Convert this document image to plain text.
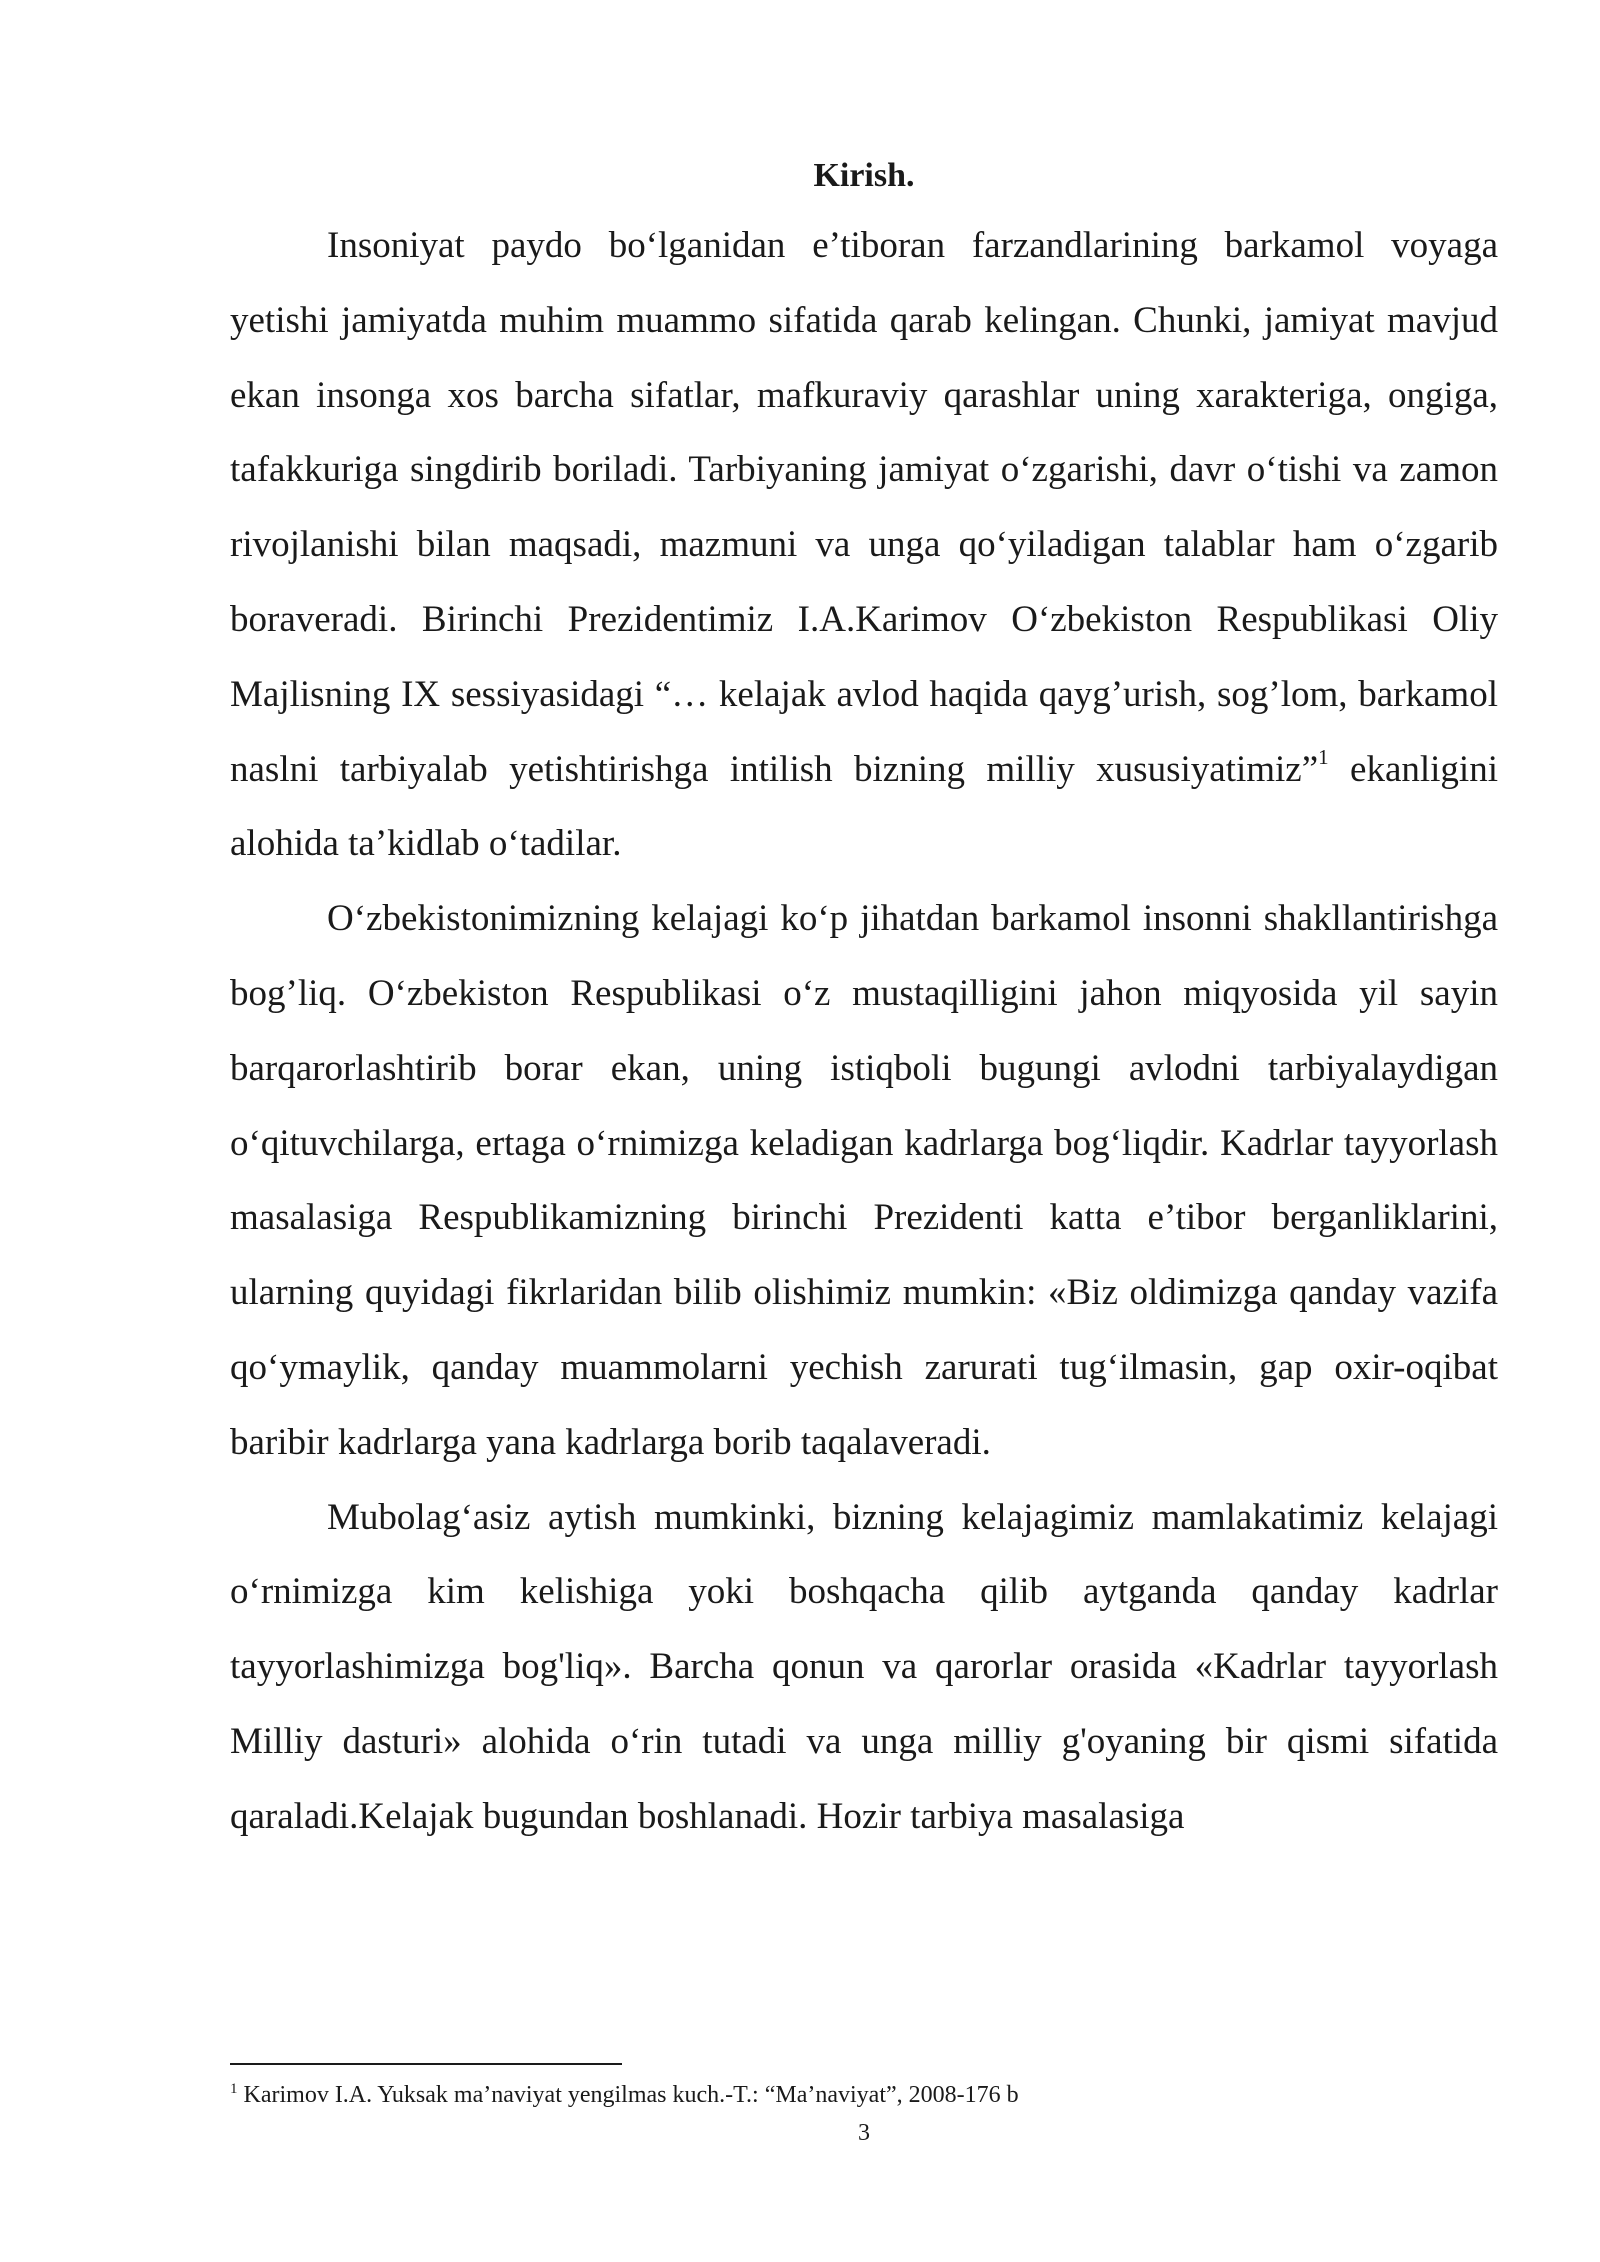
Kirish.

Insoniyat paydo bo‘lganidan e’tiboran farzandlarining barkamol voyaga yetishi jamiyatda muhim muammo sifatida qarab kelingan. Chunki, jamiyat mavjud ekan insonga xos barcha sifatlar, mafkuraviy qarashlar uning xarakteriga, ongiga, tafakkuriga singdirib boriladi. Tarbiyaning jamiyat o‘zgarishi, davr o‘tishi va zamon rivojlanishi bilan maqsadi, mazmuni va unga qo‘yiladigan talablar ham o‘zgarib boraveradi. Birinchi Prezidentimiz I.A.Karimov O‘zbekiston Respublikasi Oliy Majlisning IX sessiyasidagi “… kelajak avlod haqida qayg’urish, sog’lom, barkamol naslni tarbiyalab yetishtirishga intilish bizning milliy xususiyatimiz”$^1$ ekanligini alohida ta’kidlab o‘tadilar.

O‘zbekistonimizning kelajagi ko‘p jihatdan barkamol insonni shakllantirishga bog’liq. O‘zbekiston Respublikasi o‘z mustaqilligini jahon miqyosida yil sayin barqarorlashtirib borar ekan, uning istiqboli bugungi avlodni tarbiyalaydigan o‘qituvchilarga, ertaga o‘rnimizga keladigan kadrlarga bog‘liqdir. Kadrlar tayyorlash masalasiga Respublikamizning birinchi Prezidenti katta e’tibor berganliklarini, ularning quyidagi fikrlaridan bilib olishimiz mumkin: «Biz oldimizga qanday vazifa qo‘ymaylik, qanday muammolarni yechish zarurati tug‘ilmasin, gap oxir-oqibat baribir kadrlarga yana kadrlarga borib taqalaveradi.

Mubolag‘asiz aytish mumkinki, bizning kelajagimiz mamlakatimiz kelajagi o‘rnimizga kim kelishiga yoki boshqacha qilib aytganda qanday kadrlar tayyorlashimizga bog'liq». Barcha qonun va qarorlar orasida «Kadrlar tayyorlash Milliy dasturi» alohida o‘rin tutadi va unga milliy g'oyaning bir qismi sifatida qaraladi.Kelajak bugundan boshlanadi. Hozir tarbiya masalasiga

$^1$ Karimov I.A. Yuksak ma’naviyat yengilmas kuch.-T.: “Ma’naviyat”, 2008-176 b
3
